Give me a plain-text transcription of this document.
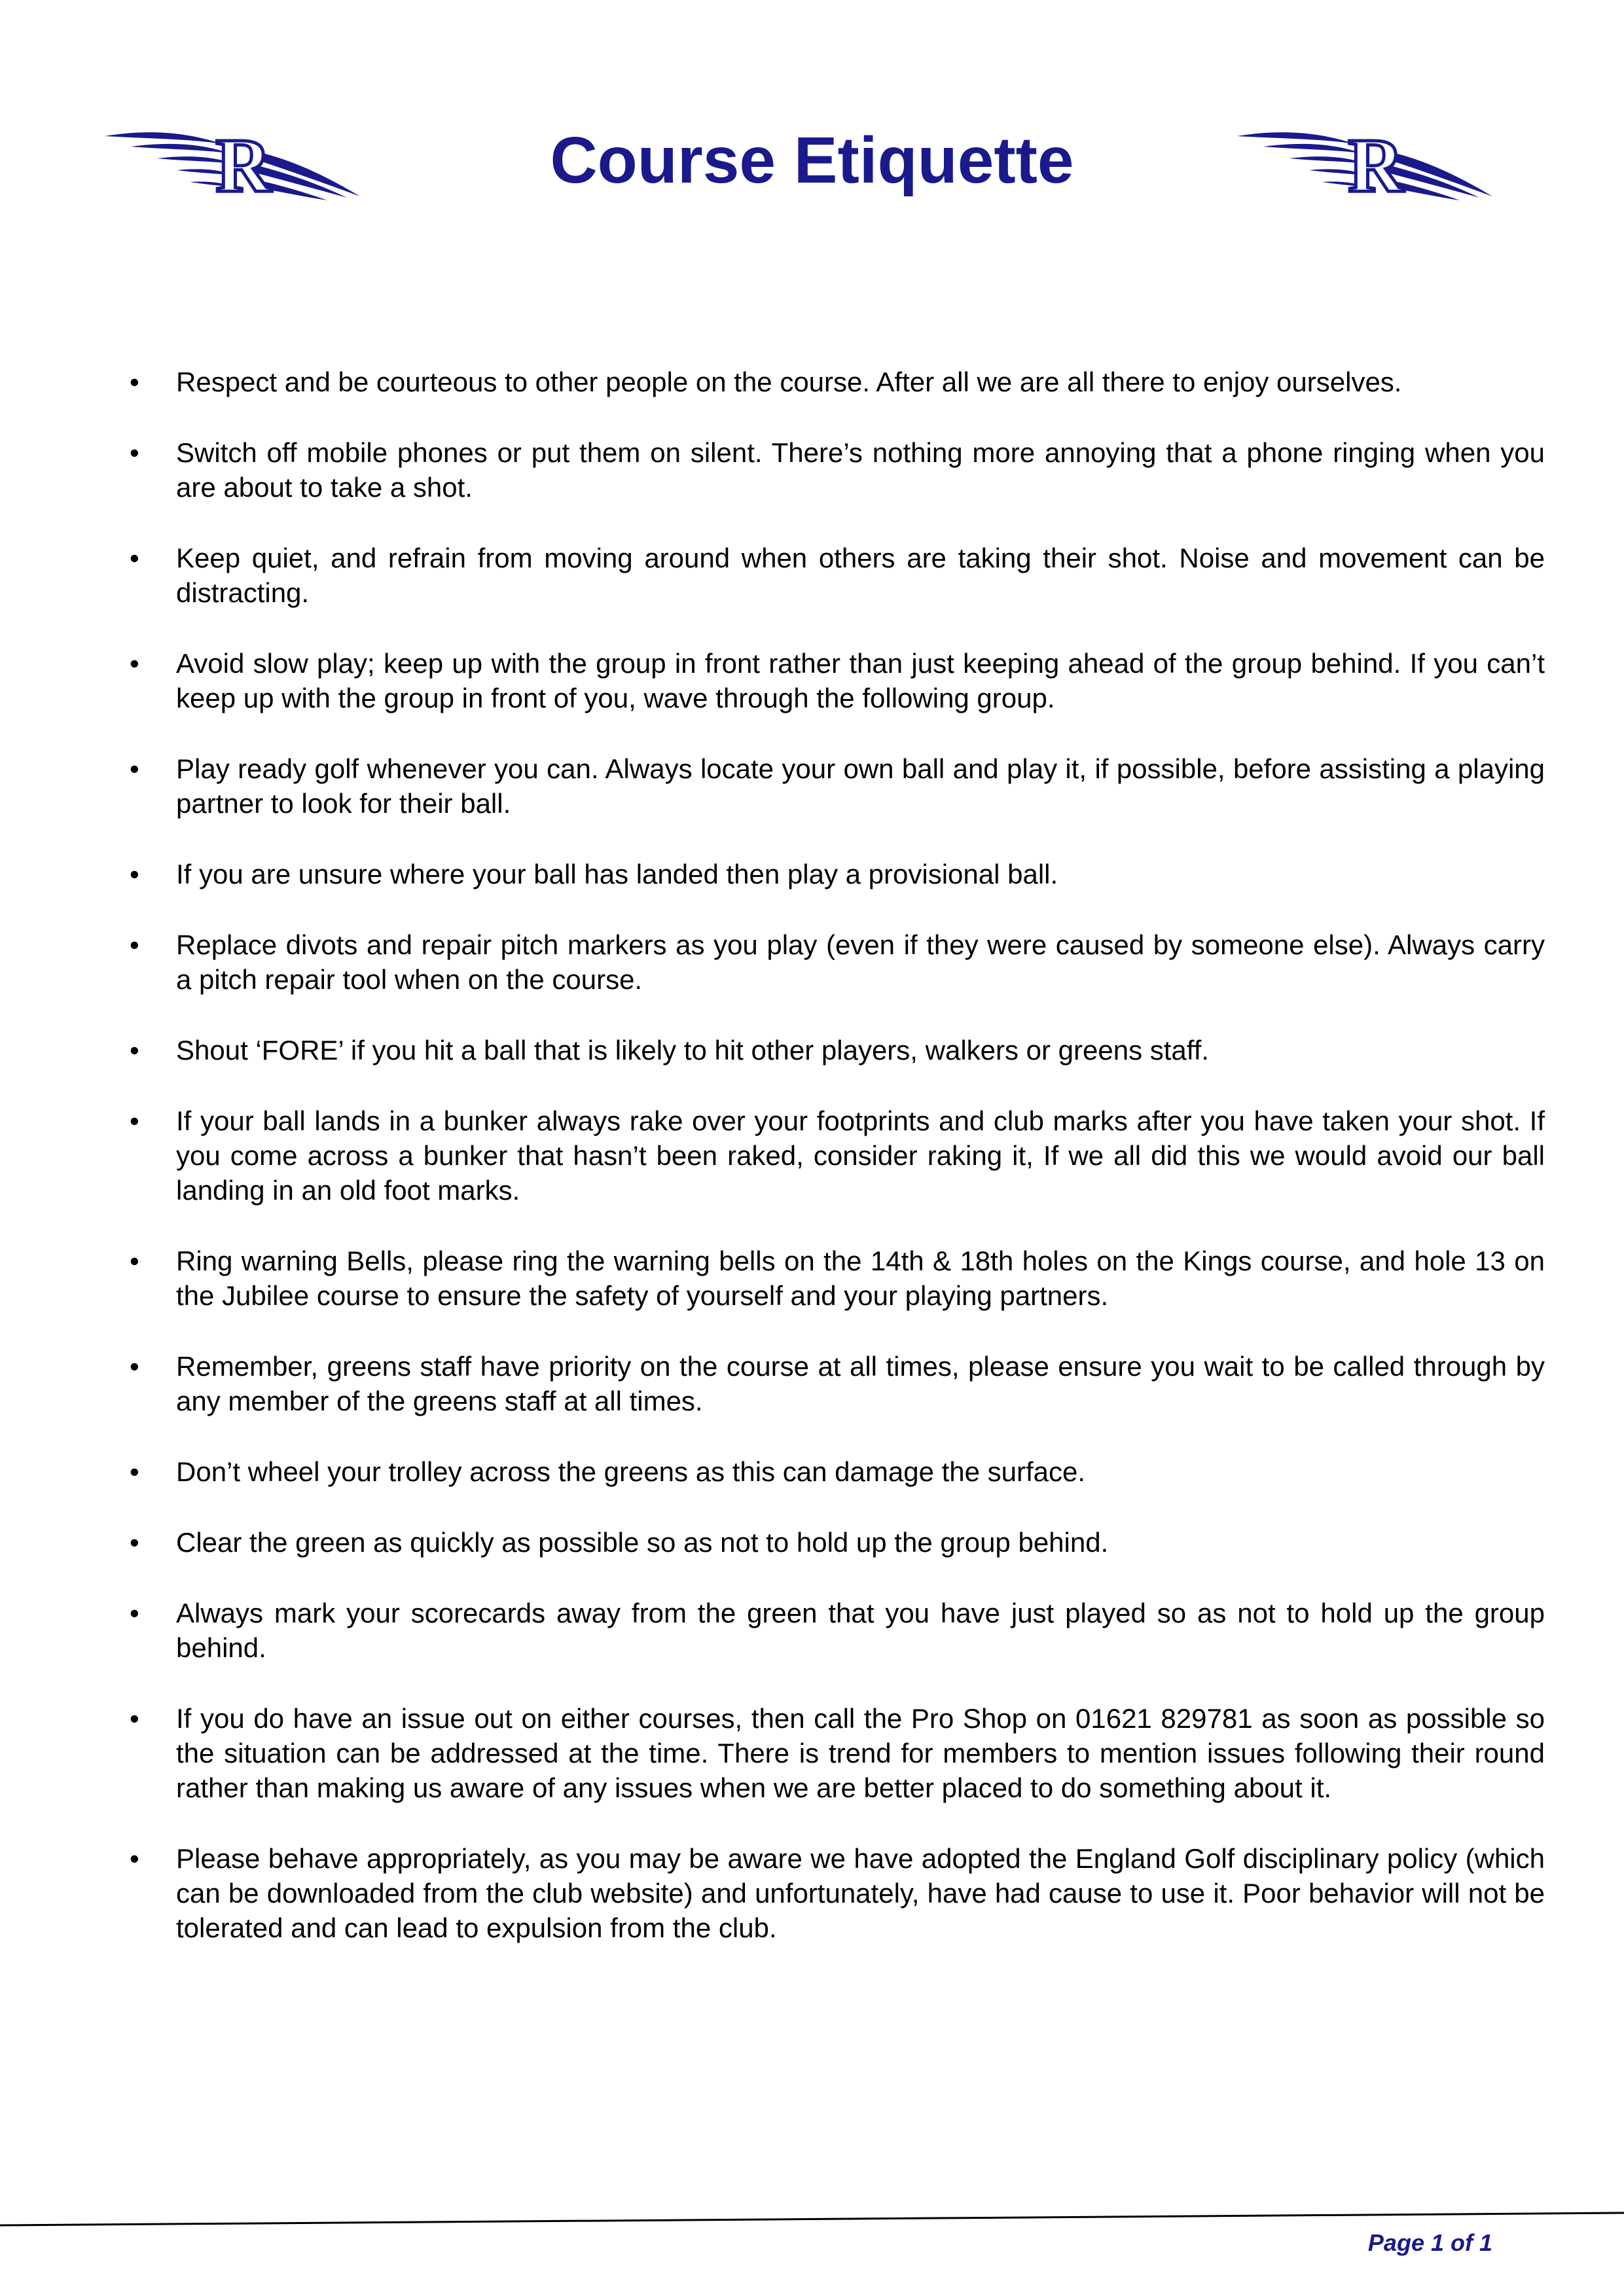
R	Course Etiquette	R
• Respect and be courteous to other people on the course. After all we are all there to enjoy ourselves.
• Switch off mobile phones or put them on silent. There’s nothing more annoying that a phone ringing when you are about to take a shot.
• Keep quiet, and refrain from moving around when others are taking their shot. Noise and movement can be distracting.
• Avoid slow play; keep up with the group in front rather than just keeping ahead of the group behind. If you can’t keep up with the group in front of you, wave through the following group.
• Play ready golf whenever you can. Always locate your own ball and play it, if possible, before assisting a playing partner to look for their ball.
• If you are unsure where your ball has landed then play a provisional ball.
• Replace divots and repair pitch markers as you play (even if they were caused by someone else). Always carry a pitch repair tool when on the course.
• Shout ‘FORE’ if you hit a ball that is likely to hit other players, walkers or greens staff.
• If your ball lands in a bunker always rake over your footprints and club marks after you have taken your shot. If you come across a bunker that hasn’t been raked, consider raking it, If we all did this we would avoid our ball landing in an old foot marks.
• Ring warning Bells, please ring the warning bells on the 14th & 18th holes on the Kings course, and hole 13 on the Jubilee course to ensure the safety of yourself and your playing partners.
• Remember, greens staff have priority on the course at all times, please ensure you wait to be called through by any member of the greens staff at all times.
• Don’t wheel your trolley across the greens as this can damage the surface.
• Clear the green as quickly as possible so as not to hold up the group behind.
• Always mark your scorecards away from the green that you have just played so as not to hold up the group behind.
• If you do have an issue out on either courses, then call the Pro Shop on 01621 829781 as soon as possible so the situation can be addressed at the time. There is trend for members to mention issues following their round rather than making us aware of any issues when we are better placed to do something about it.
• Please behave appropriately, as you may be aware we have adopted the England Golf disciplinary policy (which can be downloaded from the club website) and unfortunately, have had cause to use it. Poor behavior will not be tolerated and can lead to expulsion from the club.
Page 1 of 1
